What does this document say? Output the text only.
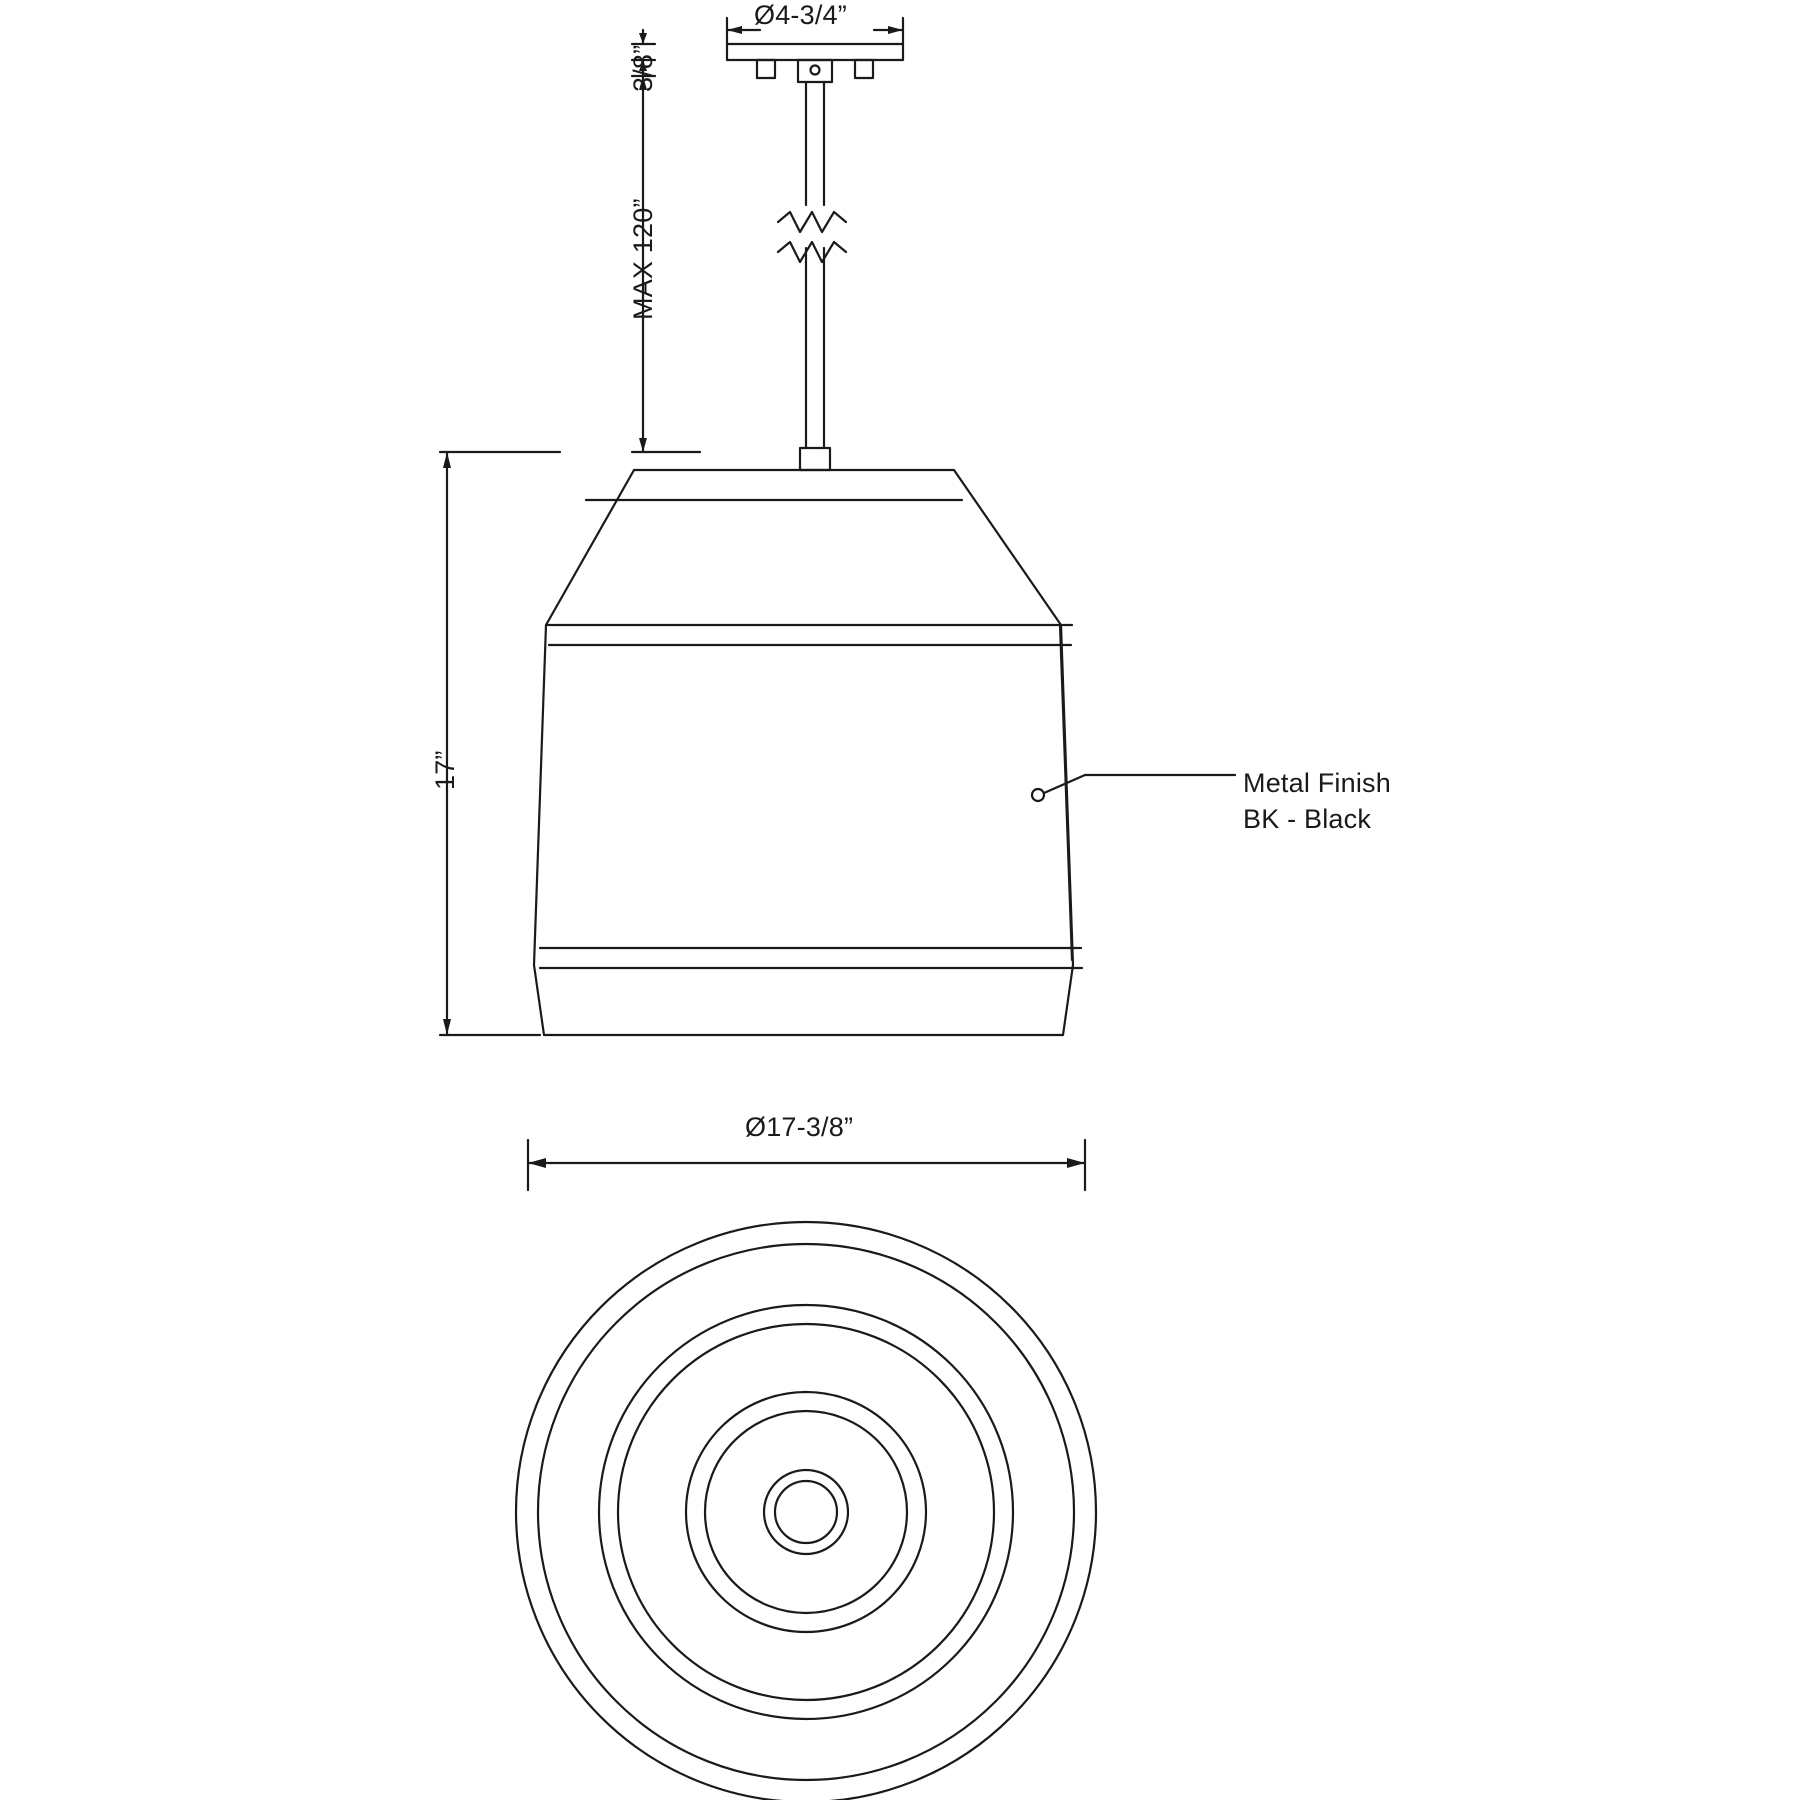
Ø4-3/4”
17”
MAX 120”
3/8”
Ø17-3/8”
Metal Finish
BK - Black
